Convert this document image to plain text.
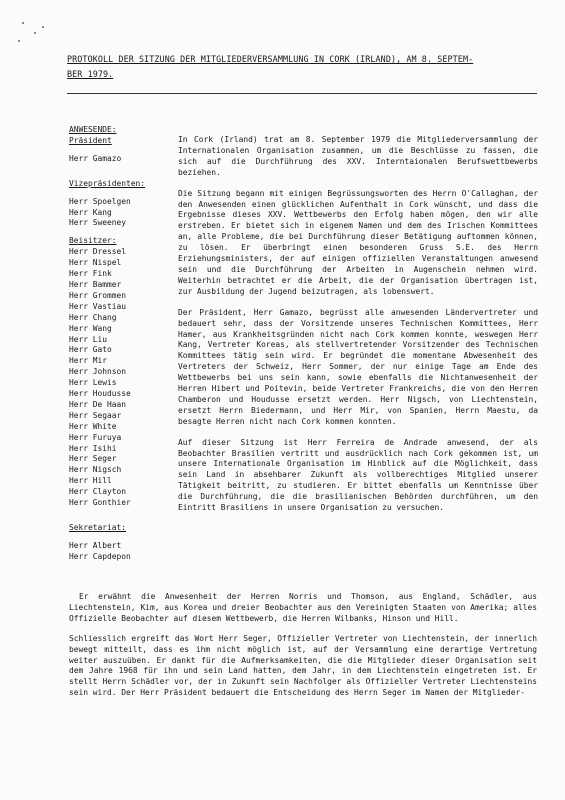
PROTOKOLL DER SITZUNG DER MITGLIEDERVERSAMMLUNG IN CORK (IRLAND), AM 8. SEPTEM-
BER 1979.
ANWESENDE:
Präsident
Herr Gamazo
Vizepräsidenten:
Herr Spoelgen
Herr Kang
Herr Sweeney
Beisitzer:
Herr Dressel
Herr Nispel
Herr Fink
Herr Bammer
Herr Grommen
Herr Vastiau
Herr Chang
Herr Wang
Herr Liu
Herr Gato
Herr Mir
Herr Johnson
Herr Lewis
Herr Houdusse
Herr De Haan
Herr Segaar
Herr White
Herr Furuya
Herr Isihi
Herr Seger
Herr Nigsch
Herr Hill
Herr Clayton
Herr Gonthier
Sekretariat:
Herr Albert
Herr Capdepon

In Cork (Irland) trat am 8. September 1979 die Mitgliederversammlung der Internationalen Organisation zusammen, um die Beschlüsse zu fassen, die sich auf die Durchführung des XXV. Interntaionalen Berufswettbewerbs beziehen.

Die Sitzung begann mit einigen Begrüssungsworten des Herrn O'Callaghan, der den Anwesenden einen glücklichen Aufenthalt in Cork wünscht, und dass die Ergebnisse dieses XXV. Wettbewerbs den Erfolg haben mögen, den wir alle erstreben. Er bietet sich in eigenem Namen und dem des Irischen Kommittees an, alle Probleme, die bei Durchführung dieser Betätigung auftommen können, zu lösen. Er überbringt einen besonderen Gruss S.E. des Herrn Erziehungsministers, der auf einigen offiziellen Veranstaltungen anwesend sein und die Durchführung der Arbeiten in Augenschein nehmen wird. Weiterhin betrachtet er die Arbeit, die der Organisation übertragen ist, zur Ausbildung der Jugend beizutragen, als lobenswert.

Der Präsident, Herr Gamazo, begrüsst alle anwesenden Ländervertreter und bedauert sehr, dass der Vorsitzende unseres Technischen Kommittees, Herr Hamer, aus Krankheitsgründen nicht nach Cork kommen konnte, weswegen Herr Kang, Vertreter Koreas, als stellvertretender Vorsitzender des Technischen Kommittees tätig sein wird. Er begründet die momentane Abwesenheit des Vertreters der Schweiz, Herr Sommer, der nur einige Tage am Ende des Wettbewerbs bei uns sein kann, sowie ebenfalls die Nichtanwesenheit der Herren Hibert und Poitevin, beide Vertreter Frankreichs, die von den Herren Chamberon und Houdusse ersetzt werden. Herr Nigsch, von Liechtenstein, ersetzt Herrn Biedermann, und Herr Mir, von Spanien, Herrn Maestu, da besagte Herren nicht nach Cork kommen konnten.

Auf dieser Sitzung ist Herr Ferreira de Andrade anwesend, der als Beobachter Brasilien vertritt und ausdrücklich nach Cork gekommen ist, um unsere Internationale Organisation im Hinblick auf die Möglichkeit, dass sein Land in absehbarer Zukunft als vollberechtiges Mitglied unserer Tätigkeit beitritt, zu studieren. Er bittet ebenfalls um Kenntnisse über die Durchführung, die die brasilianischen Behörden durchführen, um den Eintritt Brasiliens in unsere Organisation zu versuchen.

Er erwähnt die Anwesenheit der Herren Norris und Thomson, aus England, Schädler, aus Liechtenstein, Kim, aus Korea und dreier Beobachter aus den Vereinigten Staaten von Amerika; alles Offizielle Beobachter auf diesem Wettbewerb, die Herren Wilbanks, Hinson und Hill.

Schliesslich ergreift das Wort Herr Seger, Offizieller Vertreter von Liechtenstein, der innerlich bewegt mitteilt, dass es ihm nicht möglich ist, auf der Versammlung eine derartige Vertretung weiter auszuüben. Er dankt für die Aufmerksamkeiten, die die Mitglieder dieser Organisation seit dem Jahre 1968 für ihn und sein Land hatten, dem Jahr, in dem Liechtenstein eingetreten ist. Er stellt Herrn Schädler vor, der in Zukunft sein Nachfolger als Offizieller Vertreter Liechtensteins sein wird. Der Herr Präsident bedauert die Entscheidung des Herrn Seger im Namen der Mitglieder-
